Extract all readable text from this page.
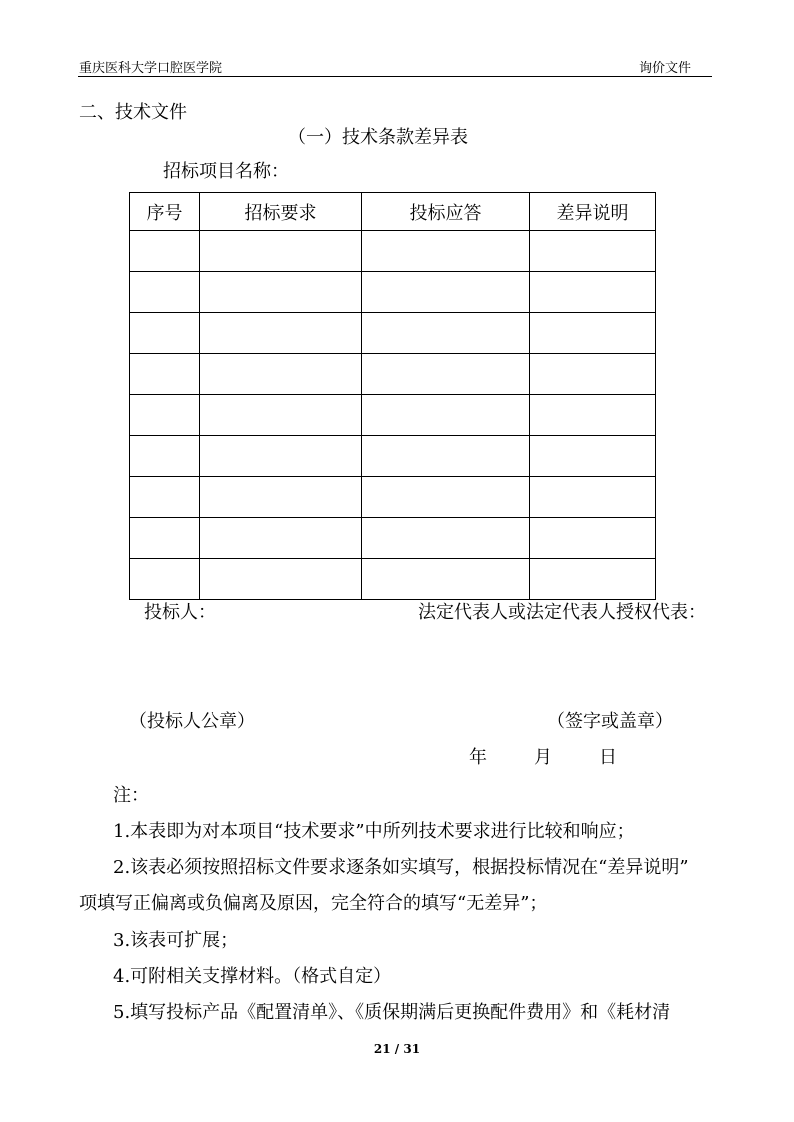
重庆医科大学口腔医学院	询价文件
二、技术文件
（一）技术条款差异表
招标项目名称：
序号	招标要求	投标应答	差异说明

投标人：	法定代表人或法定代表人授权代表：
（投标人公章）	（签字或盖章）
年	月	日
注：
1.本表即为对本项目“技术要求”中所列技术要求进行比较和响应；
2.该表必须按照招标文件要求逐条如实填写，根据投标情况在“差异说明”
项填写正偏离或负偏离及原因，完全符合的填写“无差异”；
3.该表可扩展；
4.可附相关支撑材料。（格式自定）
5.填写投标产品《配置清单》、《质保期满后更换配件费用》和《耗材清
21 / 31
